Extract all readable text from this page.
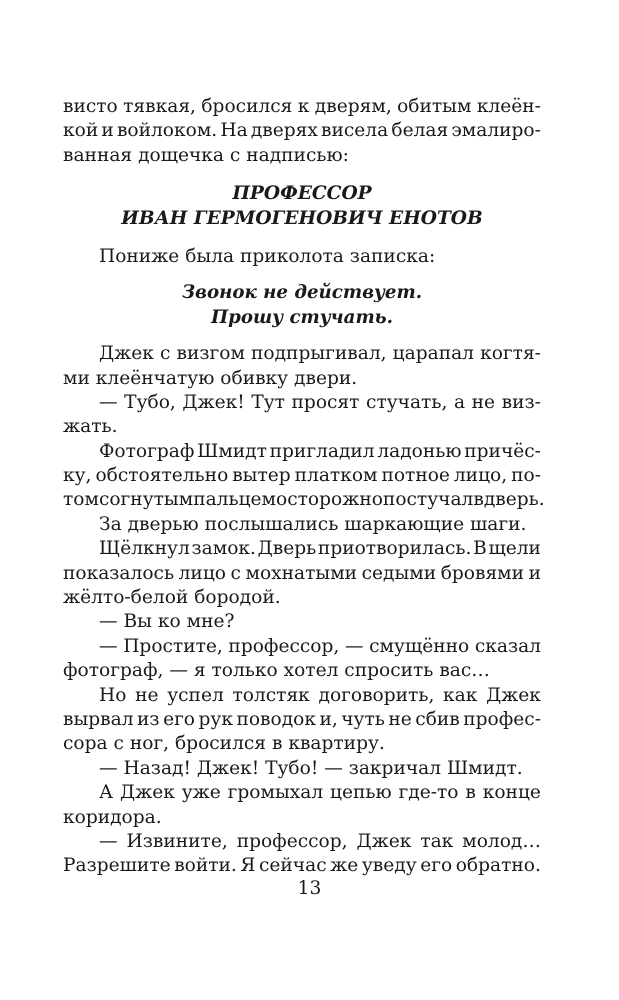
висто тявкая, бросился к дверям, обитым клеён-
кой и войлоком. На дверях висела белая эмалиро-
ванная дощечка с надписью:
ПРОФЕССОР
ИВАН ГЕРМОГЕНОВИЧ ЕНОТОВ
Пониже была приколота записка:
Звонок не действует.
Прошу стучать.
Джек с визгом подпрыгивал, царапал когтя-
ми клеёнчатую обивку двери.
— Тубо, Джек! Тут просят стучать, а не виз-
жать.
Фотограф Шмидт пригладил ладонью причёс-
ку, обстоятельно вытер платком потное лицо, по-
том согнутым пальцем осторожно постучал в дверь.
За дверью послышались шаркающие шаги.
Щёлкнул замок. Дверь приотворилась. В щели
показалось лицо с мохнатыми седыми бровями и
жёлто-белой бородой.
— Вы ко мне?
— Простите, профессор, — смущённо сказал
фотограф, — я только хотел спросить вас…
Но не успел толстяк договорить, как Джек
вырвал из его рук поводок и, чуть не сбив профес-
сора с ног, бросился в квартиру.
— Назад! Джек! Тубо! — закричал Шмидт.
А Джек уже громыхал цепью где-то в конце
коридора.
— Извините, профессор, Джек так молод…
Разрешите войти. Я сейчас же уведу его обратно.
13
